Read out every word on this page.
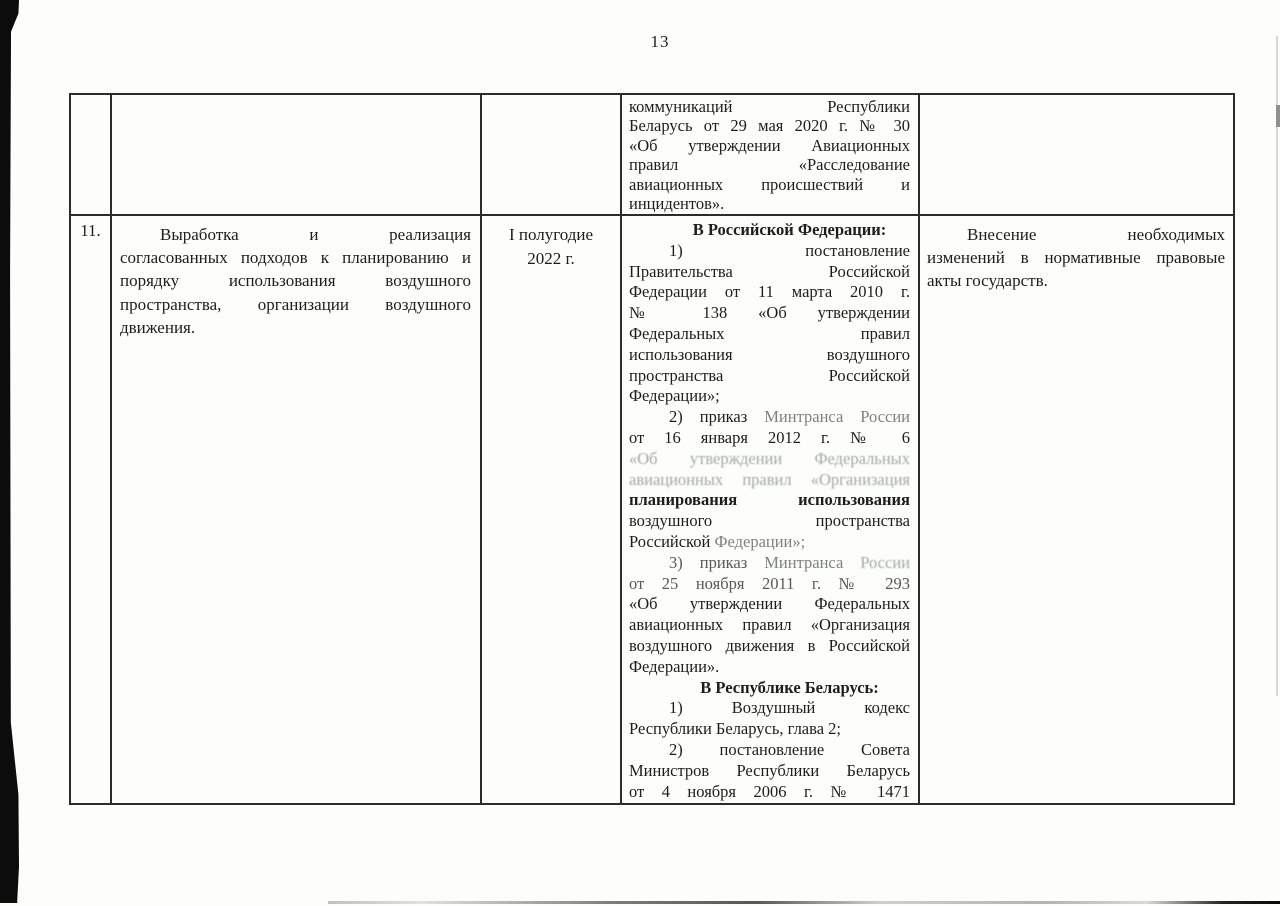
13
коммуникаций Республики
Беларусь от 29 мая 2020 г. № 30
«Об утверждении Авиационных
правил «Расследование
авиационных происшествий и
инцидентов».
11.	Выработка и реализация
согласованных подходов к планированию и
порядку использования воздушного
пространства, организации воздушного
движения.
I полугодие
2022 г.
В Российской Федерации:
1) постановление
Правительства Российской
Федерации от 11 марта 2010 г.
№ 138 «Об утверждении
Федеральных правил
использования воздушного
пространства Российской
Федерации»;
2) приказ Минтранса России
от 16 января 2012 г. № 6
«Об утверждении Федеральных
авиационных правил «Организация
планирования использования
воздушного пространства
Российской Федерации»;
3) приказ Минтранса России
от 25 ноября 2011 г. № 293
«Об утверждении Федеральных
авиационных правил «Организация
воздушного движения в Российской
Федерации».
В Республике Беларусь:
1) Воздушный кодекс
Республики Беларусь, глава 2;
2) постановление Совета
Министров Республики Беларусь
от 4 ноября 2006 г. № 1471
Внесение необходимых
изменений в нормативные правовые
акты государств.
